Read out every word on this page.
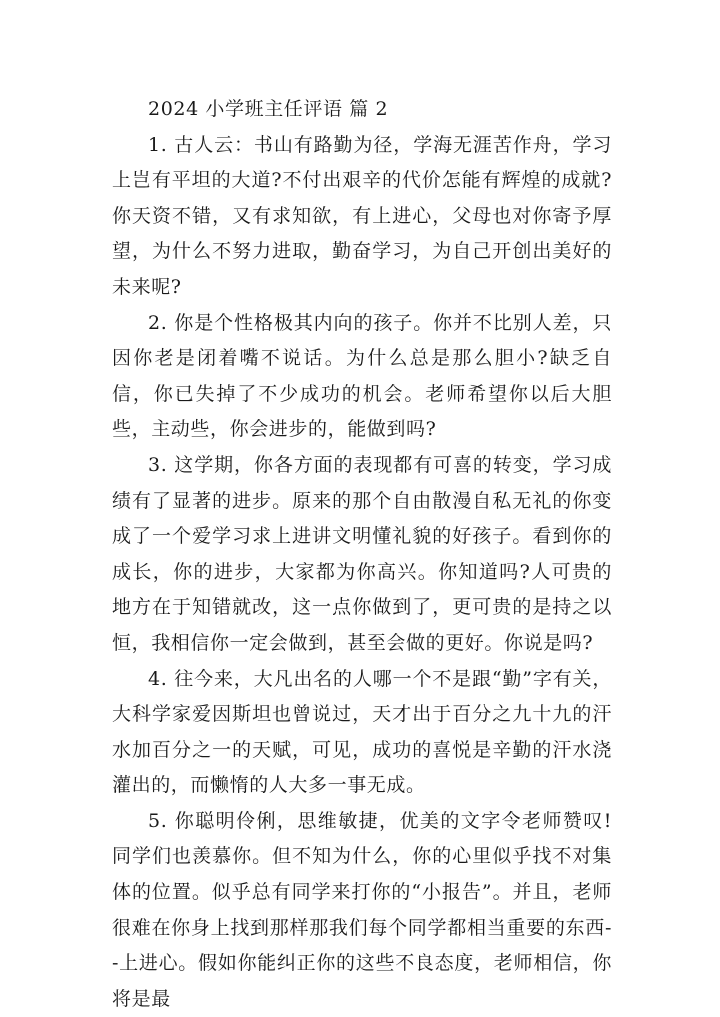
2024 小学班主任评语 篇 2

1. 古人云：书山有路勤为径，学海无涯苦作舟，学习上岂有平坦的大道?不付出艰辛的代价怎能有辉煌的成就?你天资不错，又有求知欲，有上进心，父母也对你寄予厚望，为什么不努力进取，勤奋学习，为自己开创出美好的未来呢?

2. 你是个性格极其内向的孩子。你并不比别人差，只因你老是闭着嘴不说话。为什么总是那么胆小?缺乏自信，你已失掉了不少成功的机会。老师希望你以后大胆些，主动些，你会进步的，能做到吗?

3. 这学期，你各方面的表现都有可喜的转变，学习成绩有了显著的进步。原来的那个自由散漫自私无礼的你变成了一个爱学习求上进讲文明懂礼貌的好孩子。看到你的成长，你的进步，大家都为你高兴。你知道吗?人可贵的地方在于知错就改，这一点你做到了，更可贵的是持之以恒，我相信你一定会做到，甚至会做的更好。你说是吗?

4. 往今来，大凡出名的人哪一个不是跟“勤”字有关，大科学家爱因斯坦也曾说过，天才出于百分之九十九的汗水加百分之一的天赋，可见，成功的喜悦是辛勤的汗水浇灌出的，而懒惰的人大多一事无成。

5. 你聪明伶俐，思维敏捷，优美的文字令老师赞叹!同学们也羡慕你。但不知为什么，你的心里似乎找不对集体的位置。似乎总有同学来打你的“小报告”。并且，老师很难在你身上找到那样那我们每个同学都相当重要的东西--上进心。假如你能纠正你的这些不良态度，老师相信，你将是最
